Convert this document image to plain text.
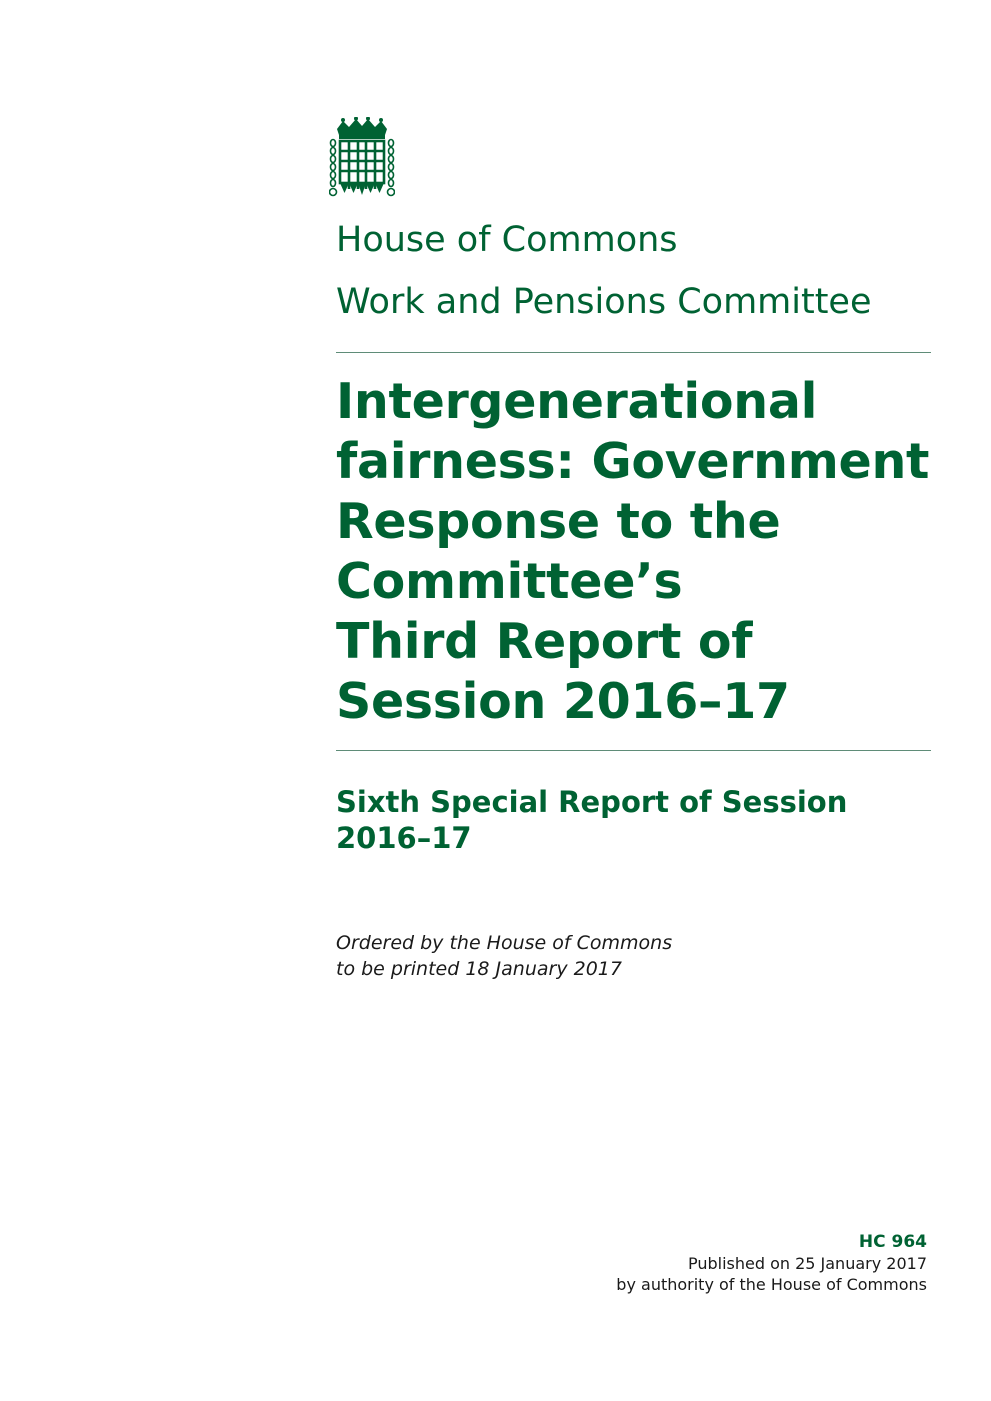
House of Commons
Work and Pensions Committee
Intergenerational
fairness: Government
Response to the
Committee’s
Third Report of
Session 2016–17
Sixth Special Report of Session
2016–17
Ordered by the House of Commons
to be printed 18 January 2017
HC 964
Published on 25 January 2017
by authority of the House of Commons
